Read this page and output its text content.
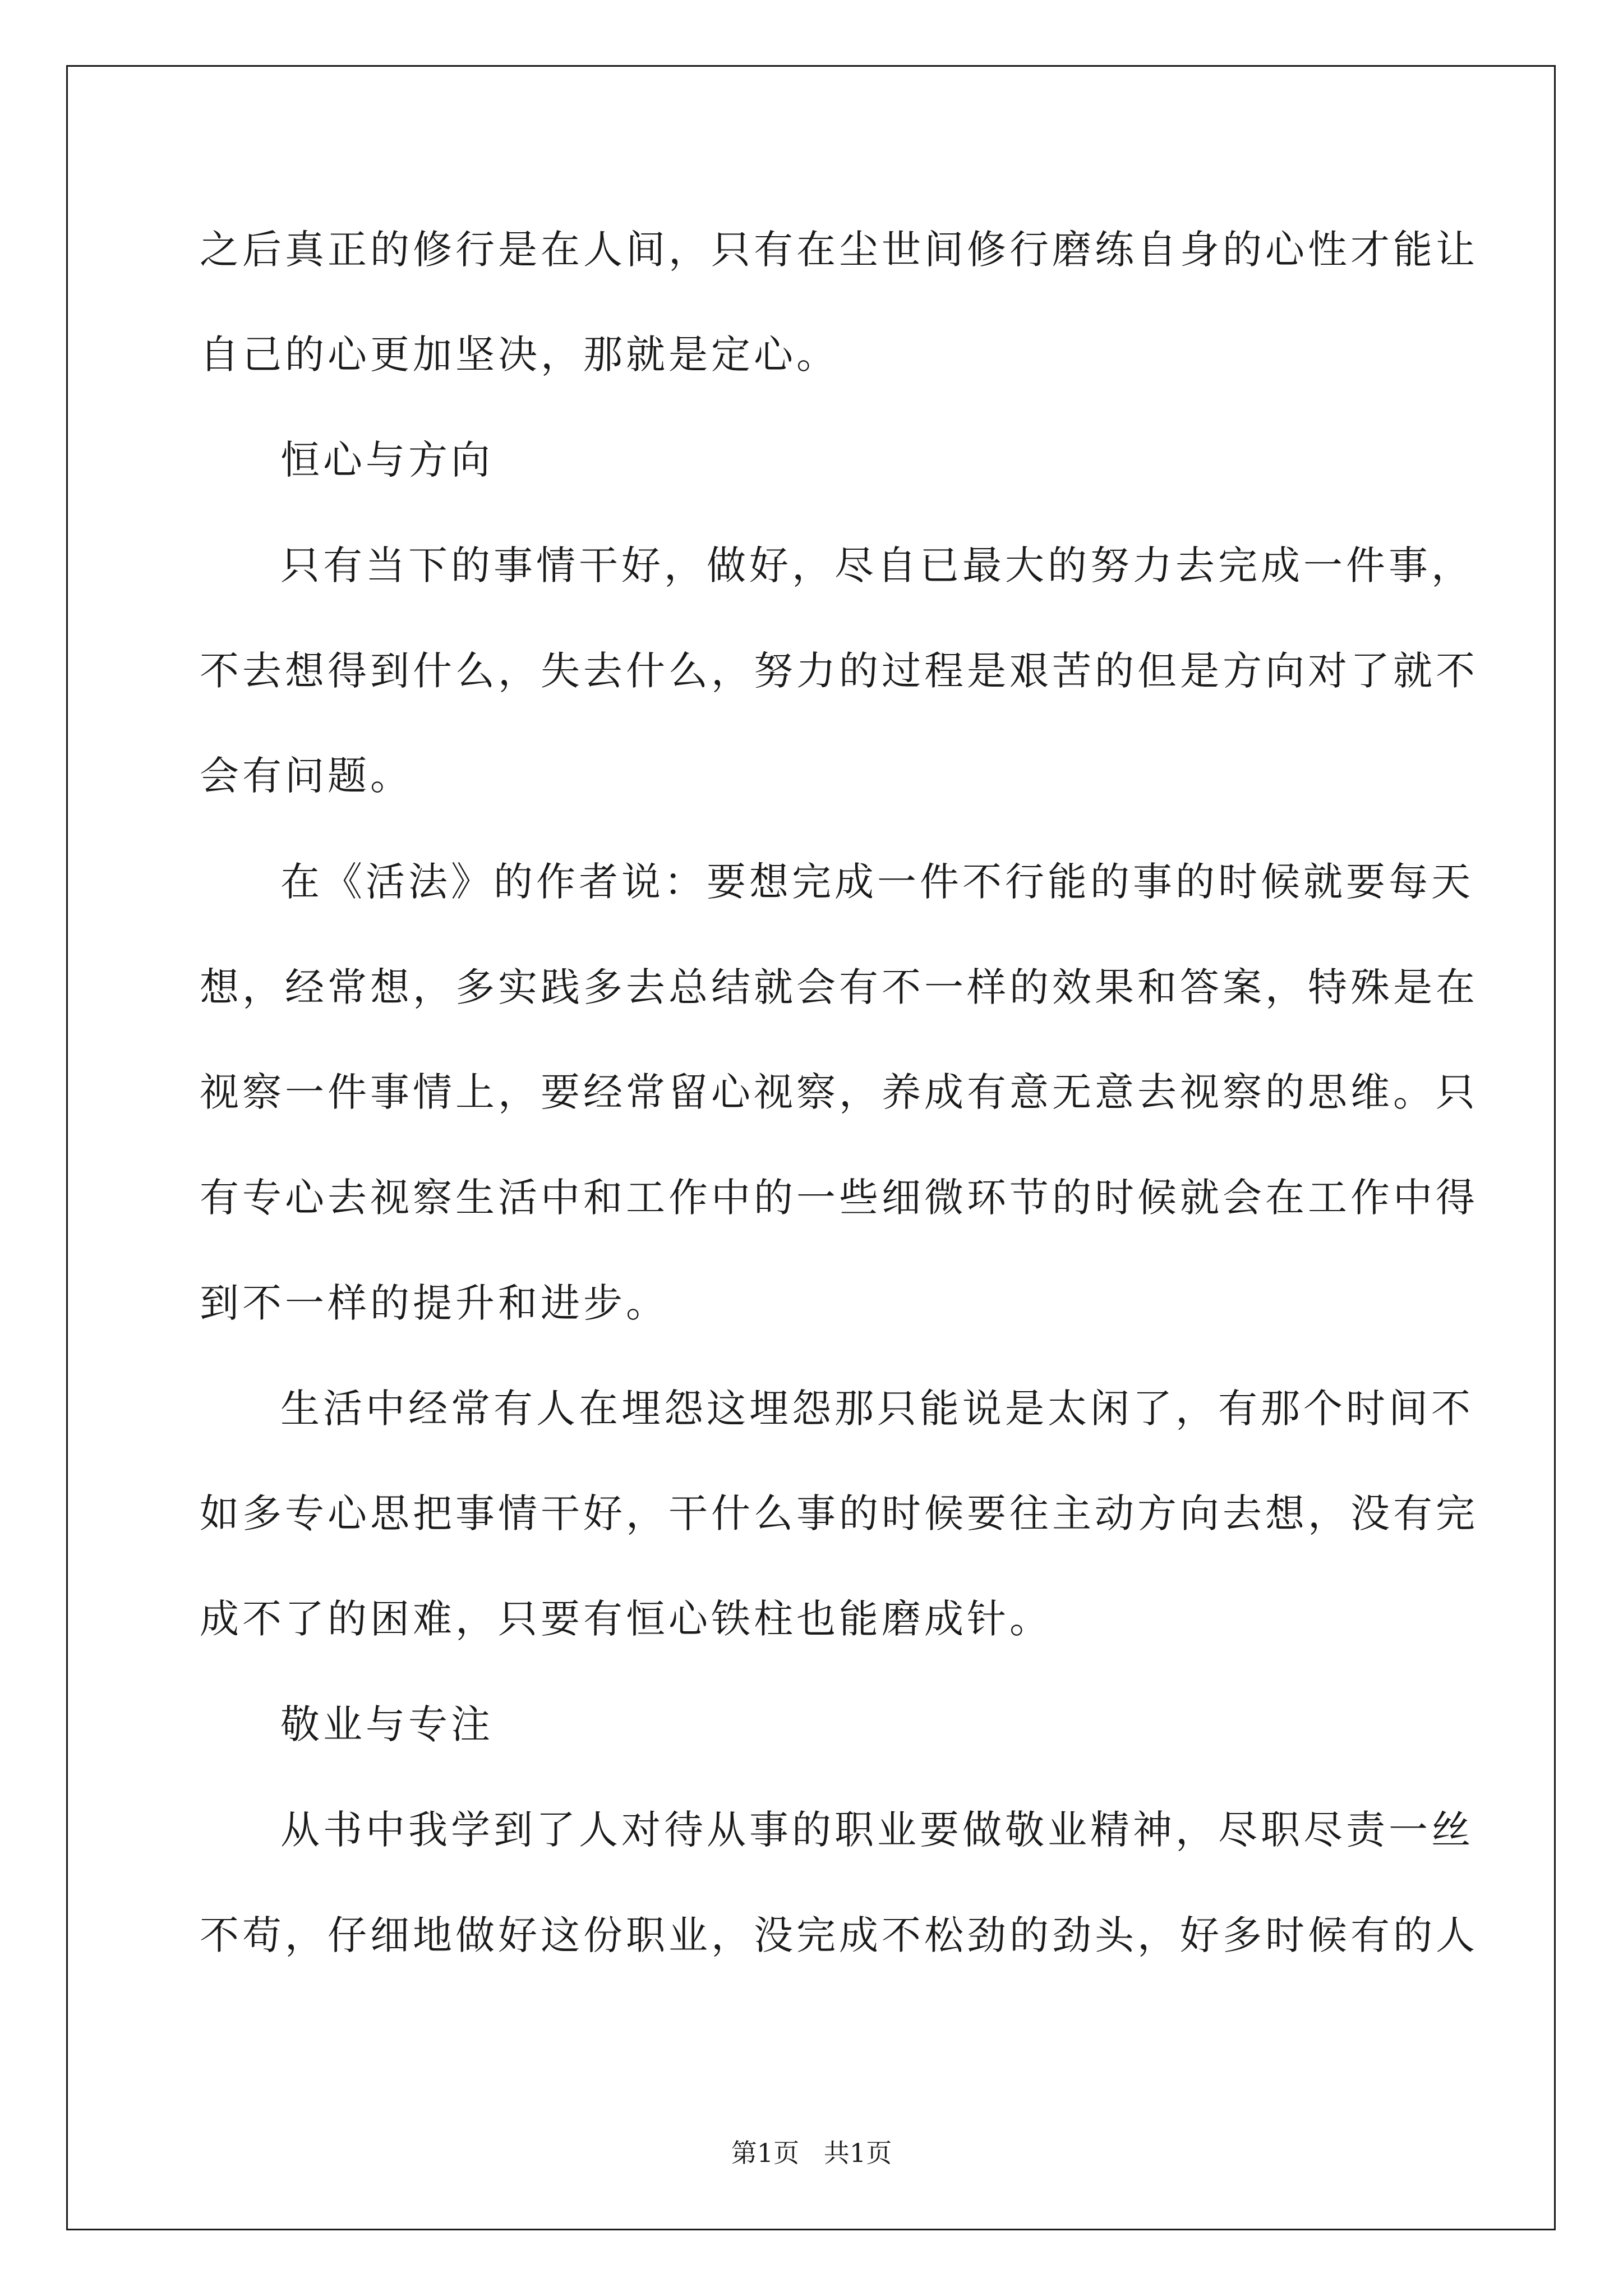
之后真正的修行是在人间，只有在尘世间修行磨练自身的心性才能让
自己的心更加坚决，那就是定心。
恒心与方向
只有当下的事情干好，做好，尽自已最大的努力去完成一件事，
不去想得到什么，失去什么，努力的过程是艰苦的但是方向对了就不
会有问题。
在《活法》的作者说：要想完成一件不行能的事的时候就要每天
想，经常想，多实践多去总结就会有不一样的效果和答案，特殊是在
视察一件事情上，要经常留心视察，养成有意无意去视察的思维。只
有专心去视察生活中和工作中的一些细微环节的时候就会在工作中得
到不一样的提升和进步。
生活中经常有人在埋怨这埋怨那只能说是太闲了，有那个时间不
如多专心思把事情干好，干什么事的时候要往主动方向去想，没有完
成不了的困难，只要有恒心铁柱也能磨成针。
敬业与专注
从书中我学到了人对待从事的职业要做敬业精神，尽职尽责一丝
不苟，仔细地做好这份职业，没完成不松劲的劲头，好多时候有的人
第1页   共1页
